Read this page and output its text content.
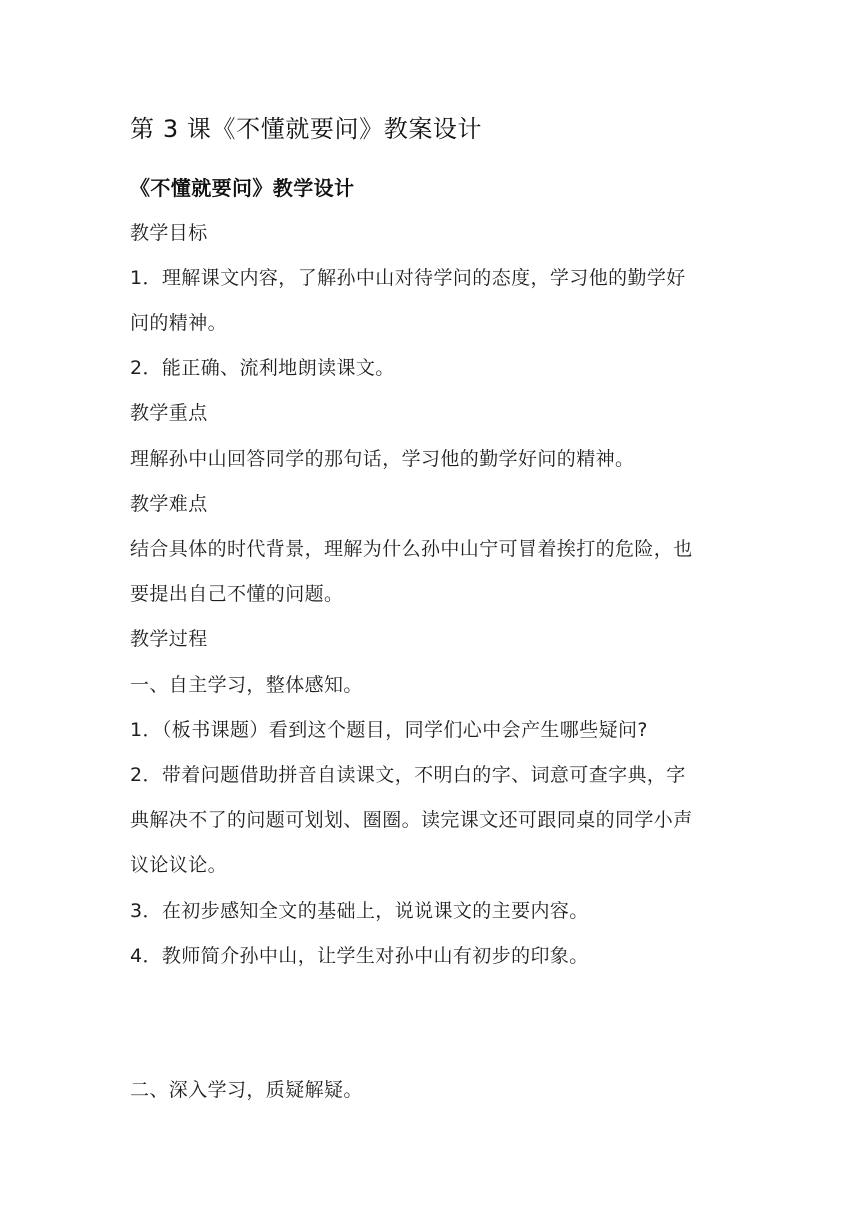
第 3 课《不懂就要问》教案设计
《不懂就要问》教学设计
教学目标
1．理解课文内容，了解孙中山对待学问的态度，学习他的勤学好
问的精神。
2．能正确、流利地朗读课文。
教学重点
理解孙中山回答同学的那句话，学习他的勤学好问的精神。
教学难点
结合具体的时代背景，理解为什么孙中山宁可冒着挨打的危险，也
要提出自己不懂的问题。
教学过程
一、自主学习，整体感知。
1．（板书课题）看到这个题目，同学们心中会产生哪些疑问?
2．带着问题借助拼音自读课文，不明白的字、词意可查字典，字
典解决不了的问题可划划、圈圈。读完课文还可跟同桌的同学小声
议论议论。
3．在初步感知全文的基础上，说说课文的主要内容。
4．教师简介孙中山，让学生对孙中山有初步的印象。
二、深入学习，质疑解疑。
